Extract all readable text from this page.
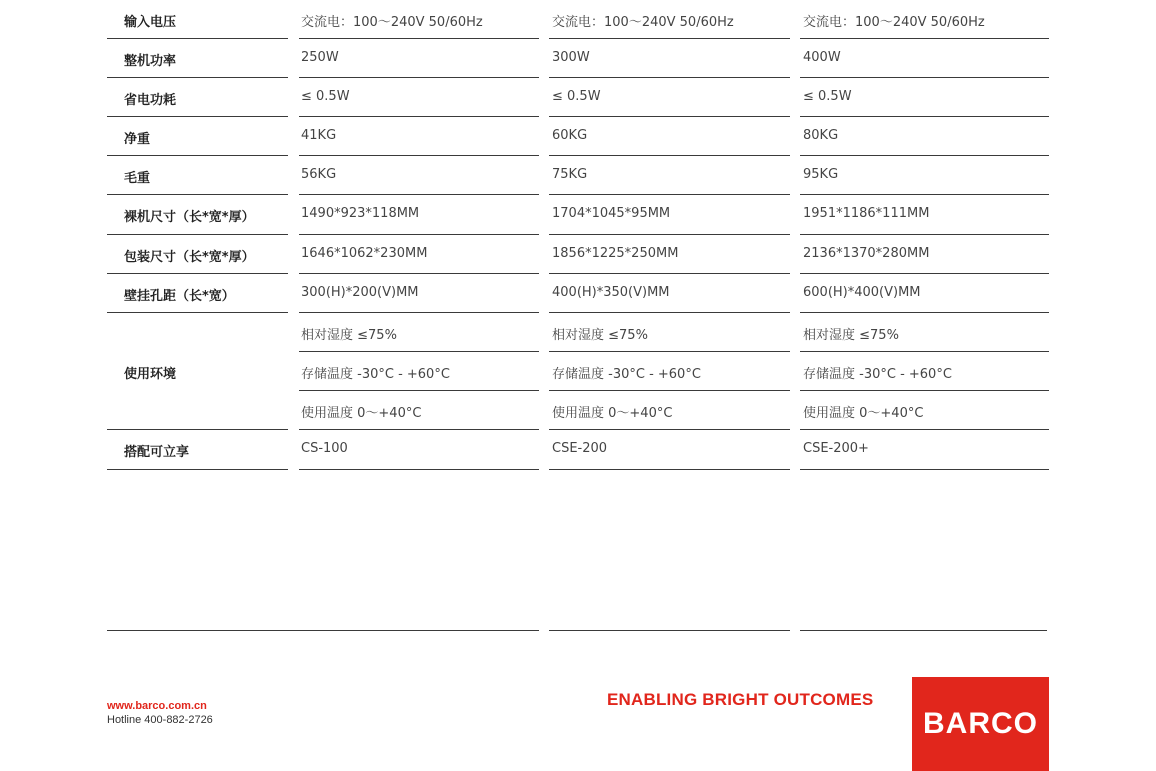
输入电压	交流电：100～240V 50/60Hz	交流电：100～240V 50/60Hz	交流电：100～240V 50/60Hz
整机功率	250W	300W	400W
省电功耗	≤ 0.5W	≤ 0.5W	≤ 0.5W
净重	41KG	60KG	80KG
毛重	56KG	75KG	95KG
裸机尺寸（长*宽*厚）	1490*923*118MM	1704*1045*95MM	1951*1186*111MM
包装尺寸（长*宽*厚）	1646*1062*230MM	1856*1225*250MM	2136*1370*280MM
壁挂孔距（长*宽）	300(H)*200(V)MM	400(H)*350(V)MM	600(H)*400(V)MM
使用环境
相对湿度 ≤75%	相对湿度 ≤75%	相对湿度 ≤75%
存储温度 -30°C - +60°C	存储温度 -30°C - +60°C	存储温度 -30°C - +60°C
使用温度 0～+40°C	使用温度 0～+40°C	使用温度 0～+40°C
搭配可立享	CS-100	CSE-200	CSE-200+
www.barco.com.cn
Hotline 400-882-2726
ENABLING BRIGHT OUTCOMES
BARCO
